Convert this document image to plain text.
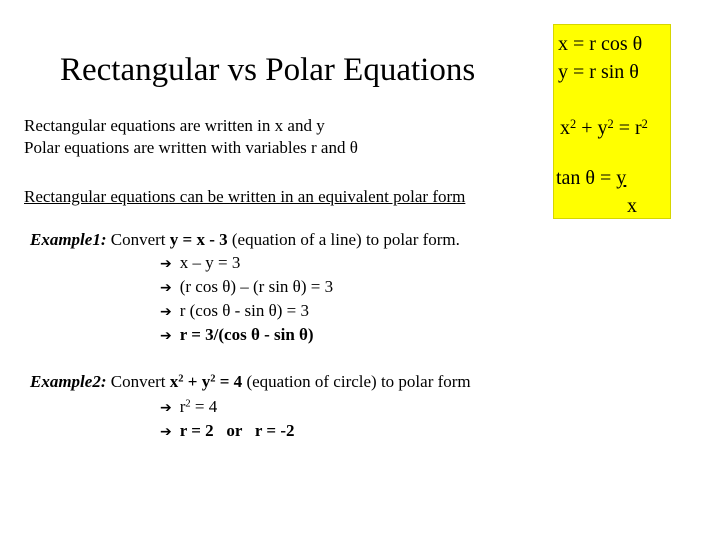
Rectangular vs Polar Equations
x = r cos θ
y = r sin θ
$x^2 + y^2 = r^2$
tan θ = y
x
Rectangular equations are written in x and y
Polar equations are written with variables r and θ
Rectangular equations can be written in an equivalent polar form
Example1: Convert y = x - 3 (equation of a line) to polar form.
➔ x – y = 3
➔ (r cos θ) – (r sin θ) = 3
➔ r (cos θ - sin θ) = 3
➔ r = 3/(cos θ - sin θ)
Example2: Convert $x^2 + y^2 = 4$ (equation of circle) to polar form
➔ $r^2 = 4$
➔ r = 2   or   r = -2
